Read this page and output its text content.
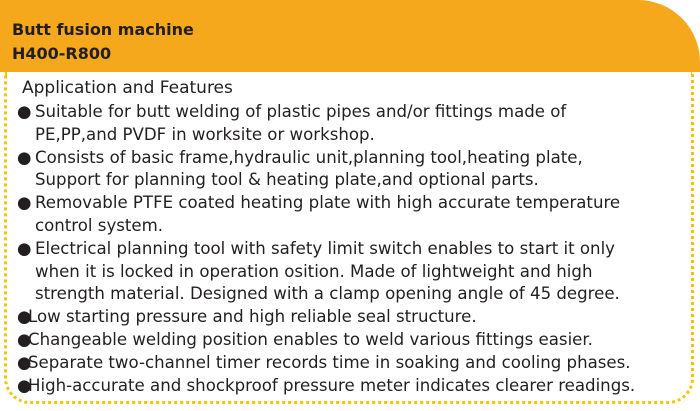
Butt fusion machine
H400-R800
Application and Features
● Suitable for butt welding of plastic pipes and/or fittings made of
PE,PP,and PVDF in worksite or workshop.
● Consists of basic frame,hydraulic unit,planning tool,heating plate,
Support for planning tool & heating plate,and optional parts.
● Removable PTFE coated heating plate with high accurate temperature
control system.
● Electrical planning tool with safety limit switch enables to start it only
when it is locked in operation osition. Made of lightweight and high
strength material. Designed with a clamp opening angle of 45 degree.
●
Low starting pressure and high reliable seal structure.
●
Changeable welding position enables to weld various fittings easier.
●
Separate two-channel timer records time in soaking and cooling phases.
●
High-accurate and shockproof pressure meter indicates clearer readings.
